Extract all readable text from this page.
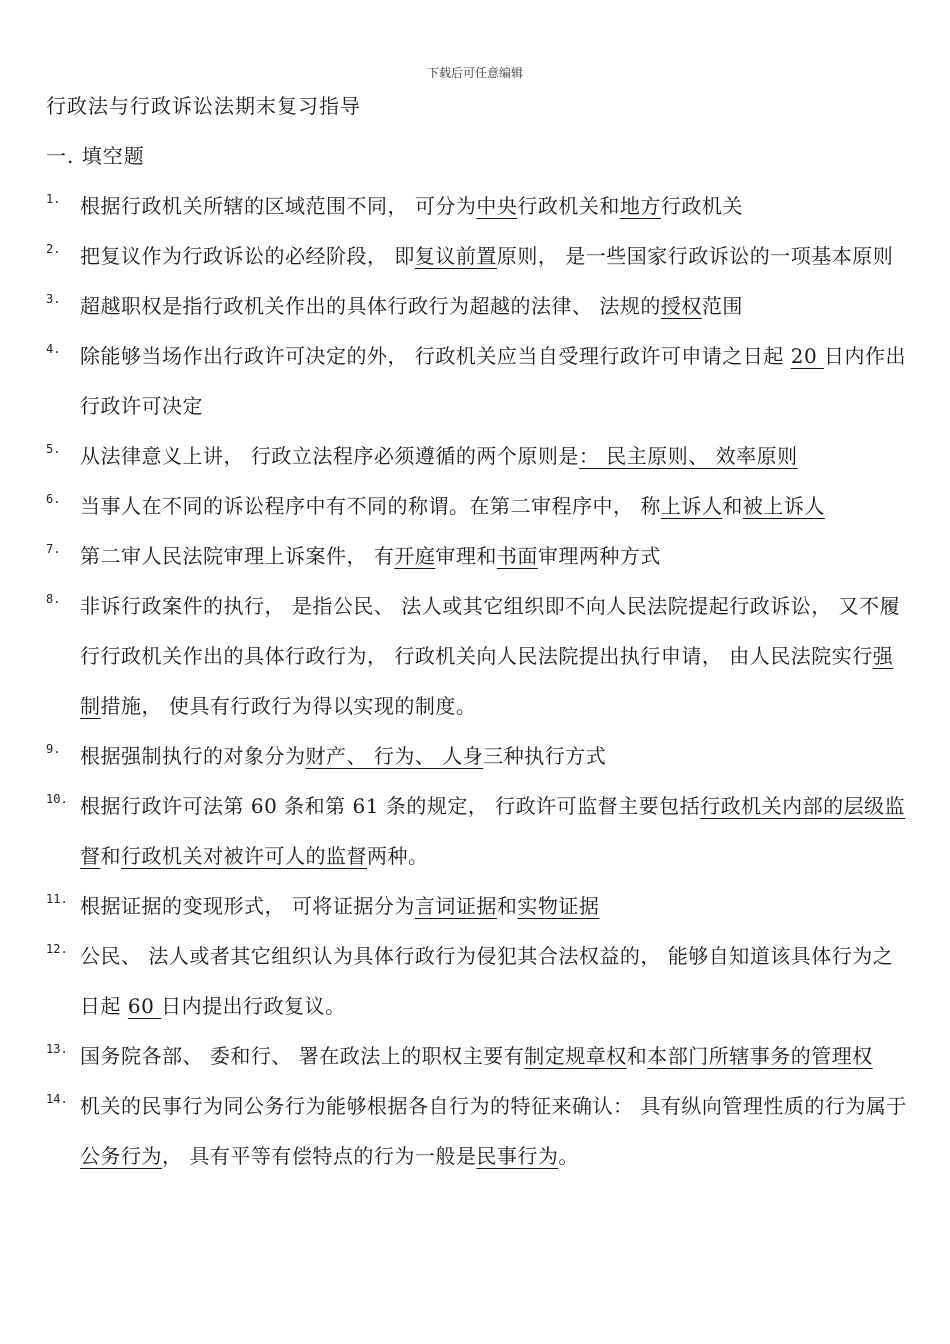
下载后可任意编辑
行政法与行政诉讼法期末复习指导
一. 填空题
1. 根据行政机关所辖的区域范围不同， 可分为中央行政机关和地方行政机关
2. 把复议作为行政诉讼的必经阶段， 即复议前置原则， 是一些国家行政诉讼的一项基本原则
3. 超越职权是指行政机关作出的具体行政行为超越的法律、 法规的授权范围
4. 除能够当场作出行政许可决定的外， 行政机关应当自受理行政许可申请之日起 20 日内作出行政许可决定
5. 从法律意义上讲， 行政立法程序必须遵循的两个原则是： 民主原则、 效率原则
6. 当事人在不同的诉讼程序中有不同的称谓。在第二审程序中， 称上诉人和被上诉人
7. 第二审人民法院审理上诉案件， 有开庭审理和书面审理两种方式
8. 非诉行政案件的执行， 是指公民、 法人或其它组织即不向人民法院提起行政诉讼， 又不履行行政机关作出的具体行政行为， 行政机关向人民法院提出执行申请， 由人民法院实行强制措施， 使具有行政行为得以实现的制度。
9. 根据强制执行的对象分为财产、 行为、 人身三种执行方式
10. 根据行政许可法第 60 条和第 61 条的规定， 行政许可监督主要包括行政机关内部的层级监督和行政机关对被许可人的监督两种。
11. 根据证据的变现形式， 可将证据分为言词证据和实物证据
12. 公民、 法人或者其它组织认为具体行政行为侵犯其合法权益的， 能够自知道该具体行为之日起 60 日内提出行政复议。
13. 国务院各部、 委和行、 署在政法上的职权主要有制定规章权和本部门所辖事务的管理权
14. 机关的民事行为同公务行为能够根据各自行为的特征来确认： 具有纵向管理性质的行为属于公务行为， 具有平等有偿特点的行为一般是民事行为。
